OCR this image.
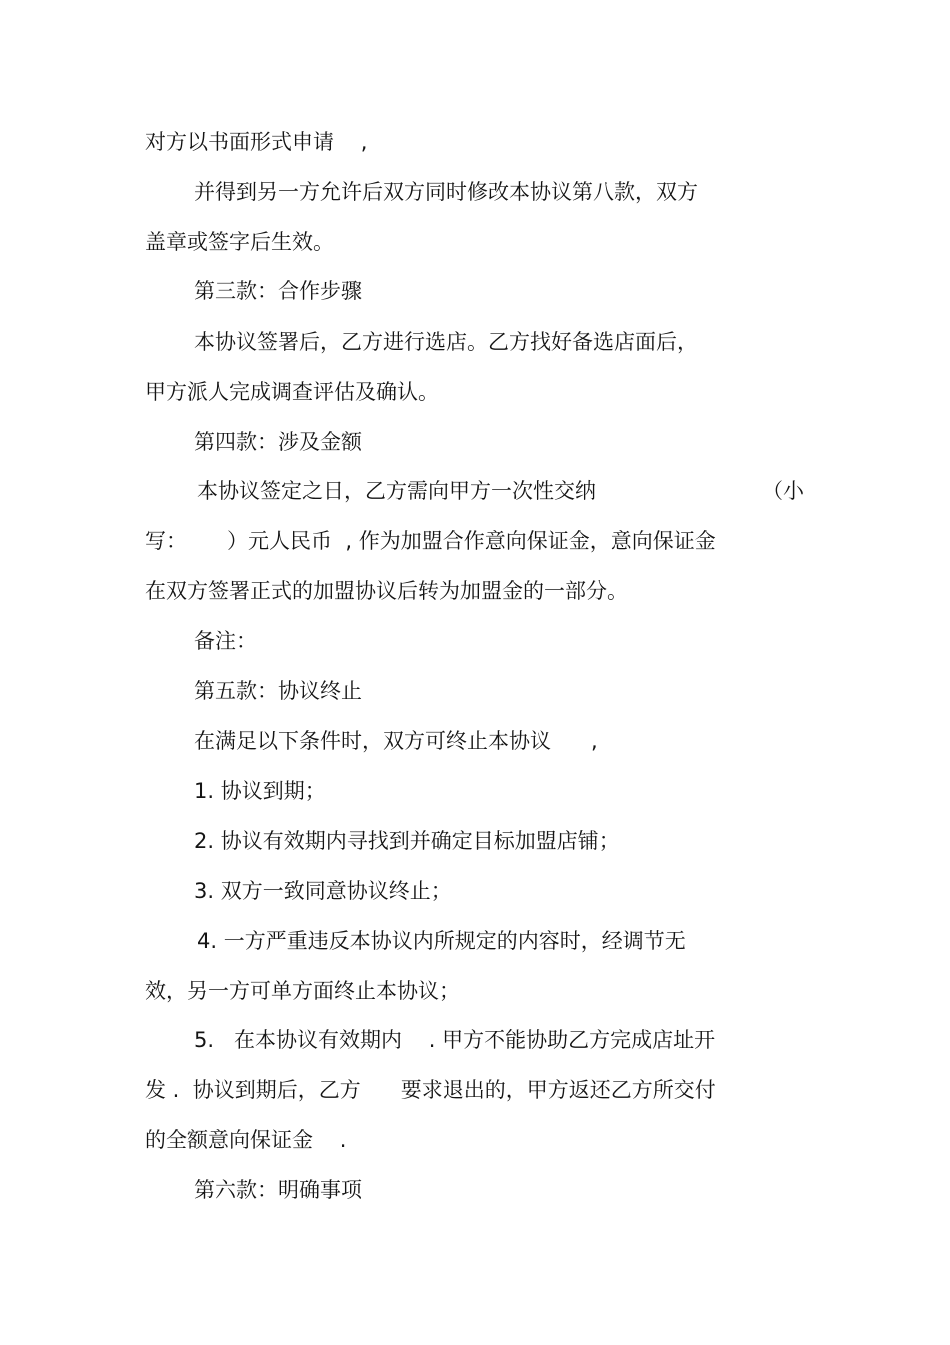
对方以书面形式申请    ,

并得到另一方允许后双方同时修改本协议第八款，双方

盖章或签字后生效。

第三款：合作步骤

本协议签署后，乙方进行选店。乙方找好备选店面后，

甲方派人完成调查评估及确认。

第四款：涉及金额

本协议签定之日，乙方需向甲方一次性交纳	（小

写：      ）元人民币  , 作为加盟合作意向保证金，意向保证金

在双方签署正式的加盟协议后转为加盟金的一部分。

备注：

第五款：协议终止

在满足以下条件时，双方可终止本协议      ,

1. 协议到期；

2. 协议有效期内寻找到并确定目标加盟店铺；

3. 双方一致同意协议终止；

4. 一方严重违反本协议内所规定的内容时，经调节无

效，另一方可单方面终止本协议；

5.   在本协议有效期内    . 甲方不能协助乙方完成店址开

发 .  协议到期后，乙方      要求退出的，甲方返还乙方所交付

的全额意向保证金    .

第六款：明确事项
